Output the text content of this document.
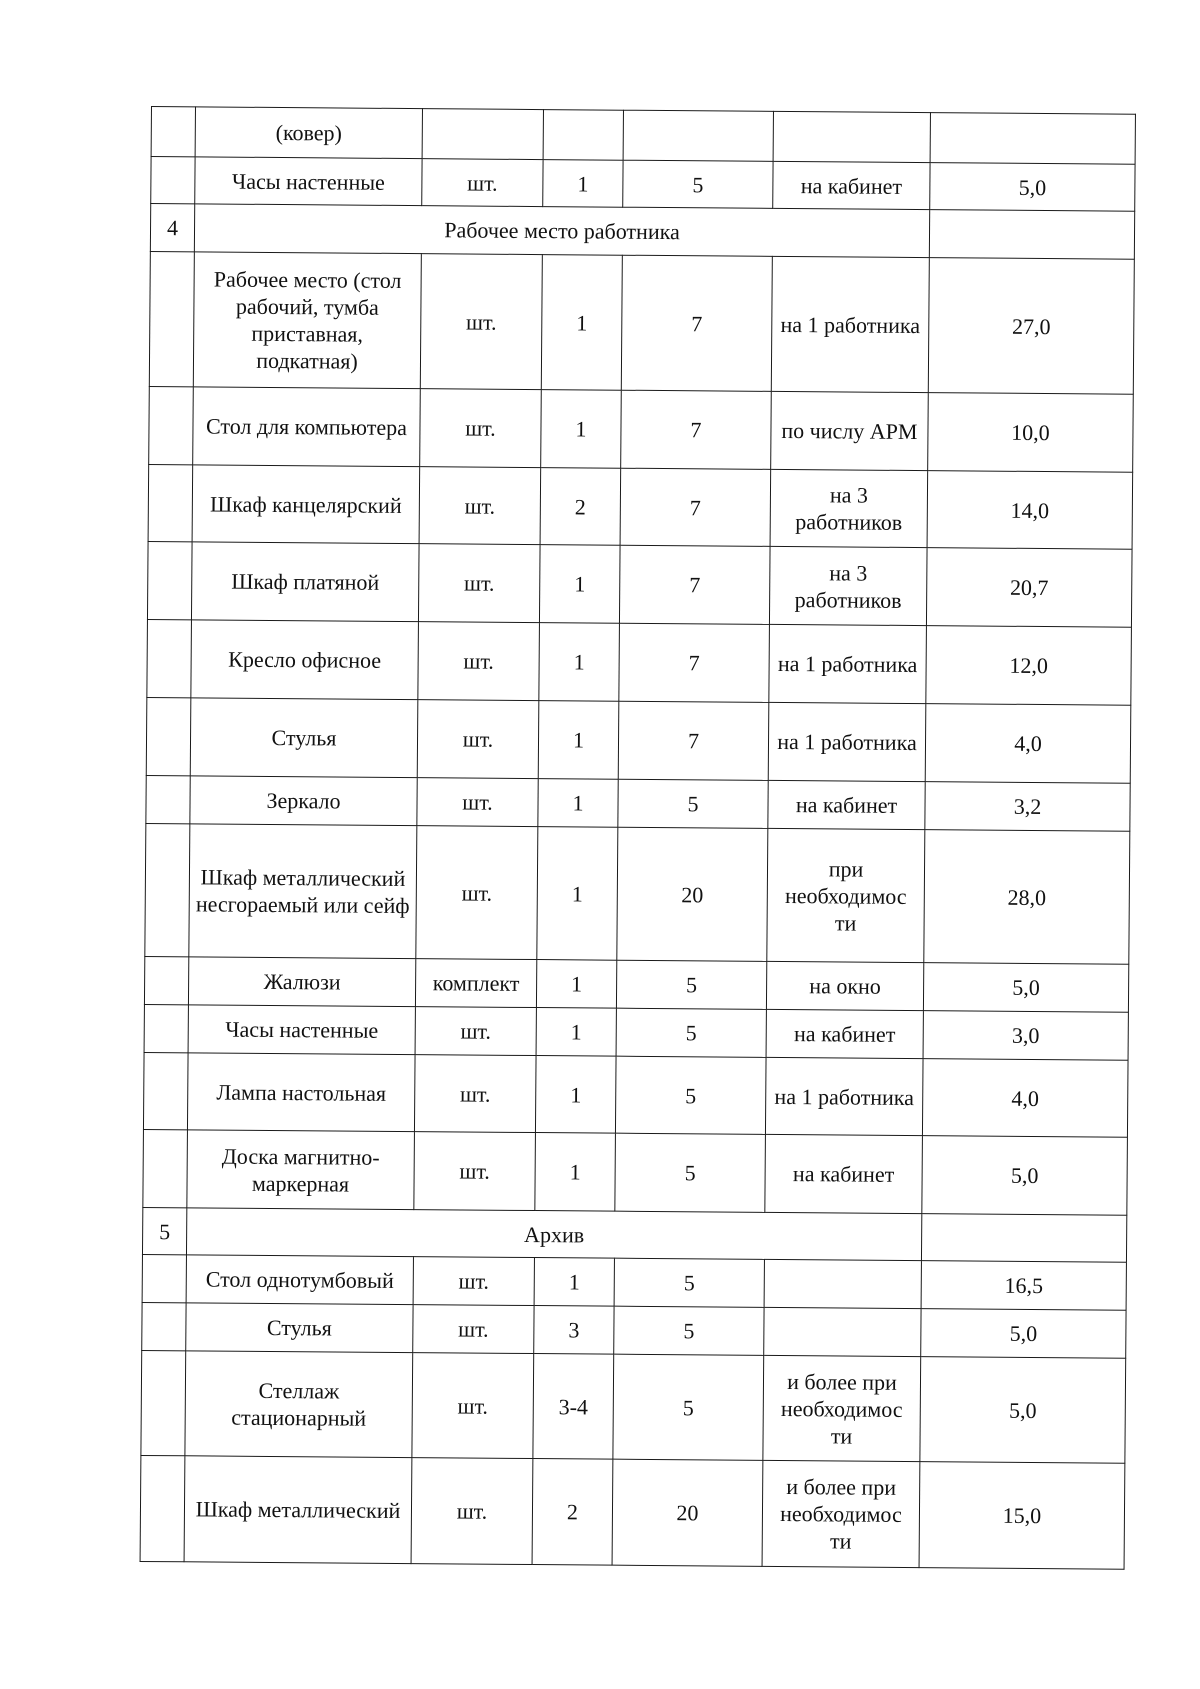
	(ковер)					
	Часы настенные	шт.	1	5	на кабинет	5,0
4	Рабочее место работника					
	Рабочее место (стол рабочий, тумба приставная, подкатная)	шт.	1	7	на 1 работника	27,0
	Стол для компьютера	шт.	1	7	по числу АРМ	10,0
	Шкаф канцелярский	шт.	2	7	на 3 работников	14,0
	Шкаф платяной	шт.	1	7	на 3 работников	20,7
	Кресло офисное	шт.	1	7	на 1 работника	12,0
	Стулья	шт.	1	7	на 1 работника	4,0
	Зеркало	шт.	1	5	на кабинет	3,2
	Шкаф металлический несгораемый или сейф	шт.	1	20	при необходимос ти	28,0
	Жалюзи	комплект	1	5	на окно	5,0
	Часы настенные	шт.	1	5	на кабинет	3,0
	Лампа настольная	шт.	1	5	на 1 работника	4,0
	Доска магнитно-маркерная	шт.	1	5	на кабинет	5,0
5	Архив					
	Стол однотумбовый	шт.	1	5		16,5
	Стулья	шт.	3	5		5,0
	Стеллаж стационарный	шт.	3-4	5	и более при необходимос ти	5,0
	Шкаф металлический	шт.	2	20	и более при необходимос ти	15,0
